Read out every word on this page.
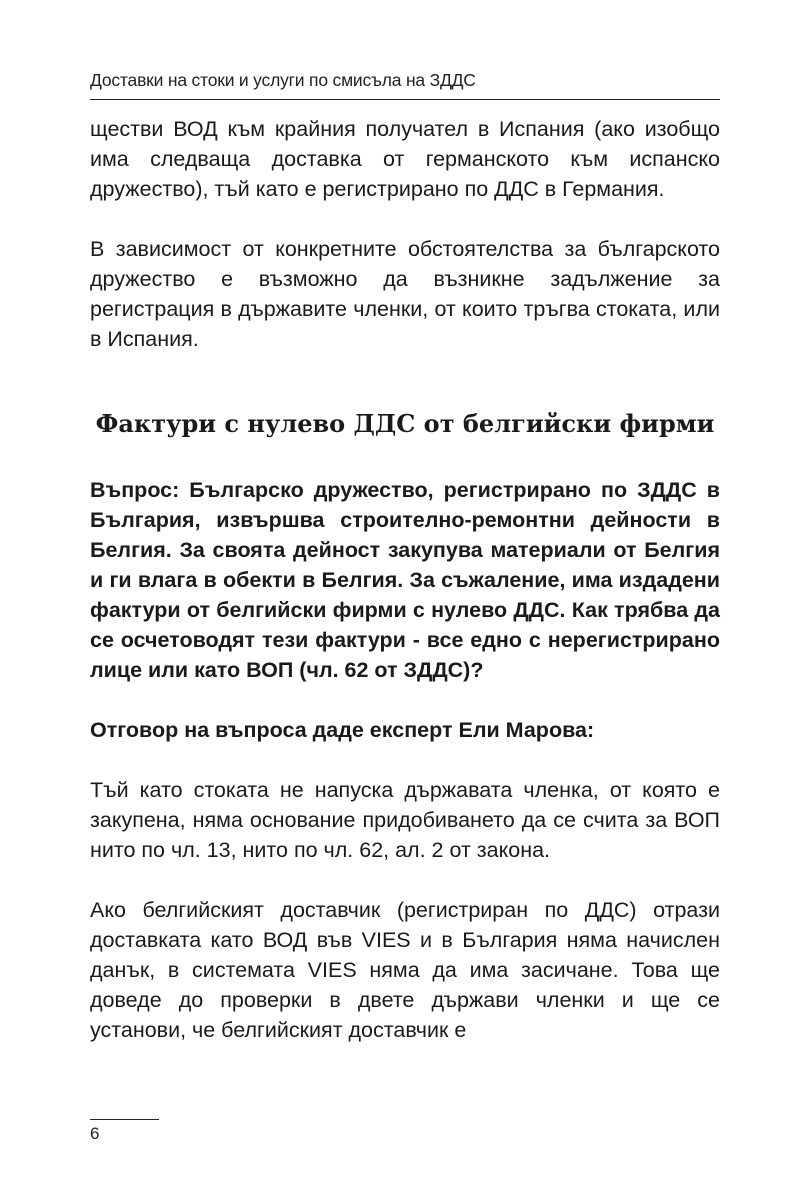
Доставки на стоки и услуги по смисъла на ЗДДС

ществи ВОД към крайния получател в Испания (ако изобщо има следваща доставка от германското към испанско дружество), тъй като е регистрирано по ДДС в Германия.

В зависимост от конкретните обстоятелства за българското дружество е възможно да възникне задължение за регистрация в държавите членки, от които тръгва стоката, или в Испания.

Фактури с нулево ДДС от белгийски фирми

Въпрос: Българско дружество, регистрирано по ЗДДС в България, извършва строително-ремонтни дейности в Белгия. За своята дейност закупува материали от Белгия и ги влага в обекти в Белгия. За съжаление, има издадени фактури от белгийски фирми с нулево ДДС. Как трябва да се осчетоводят тези фактури - все едно с нерегистрирано лице или като ВОП (чл. 62 от ЗДДС)?

Отговор на въпроса даде експерт Ели Марова:

Тъй като стоката не напуска държавата членка, от която е закупена, няма основание придобиването да се счита за ВОП нито по чл. 13, нито по чл. 62, ал. 2 от закона.

Ако белгийският доставчик (регистриран по ДДС) отрази доставката като ВОД във VIES и в България няма начислен данък, в системата VIES няма да има засичане. Това ще доведе до проверки в двете държави членки и ще се установи, че белгийският доставчик е

6
